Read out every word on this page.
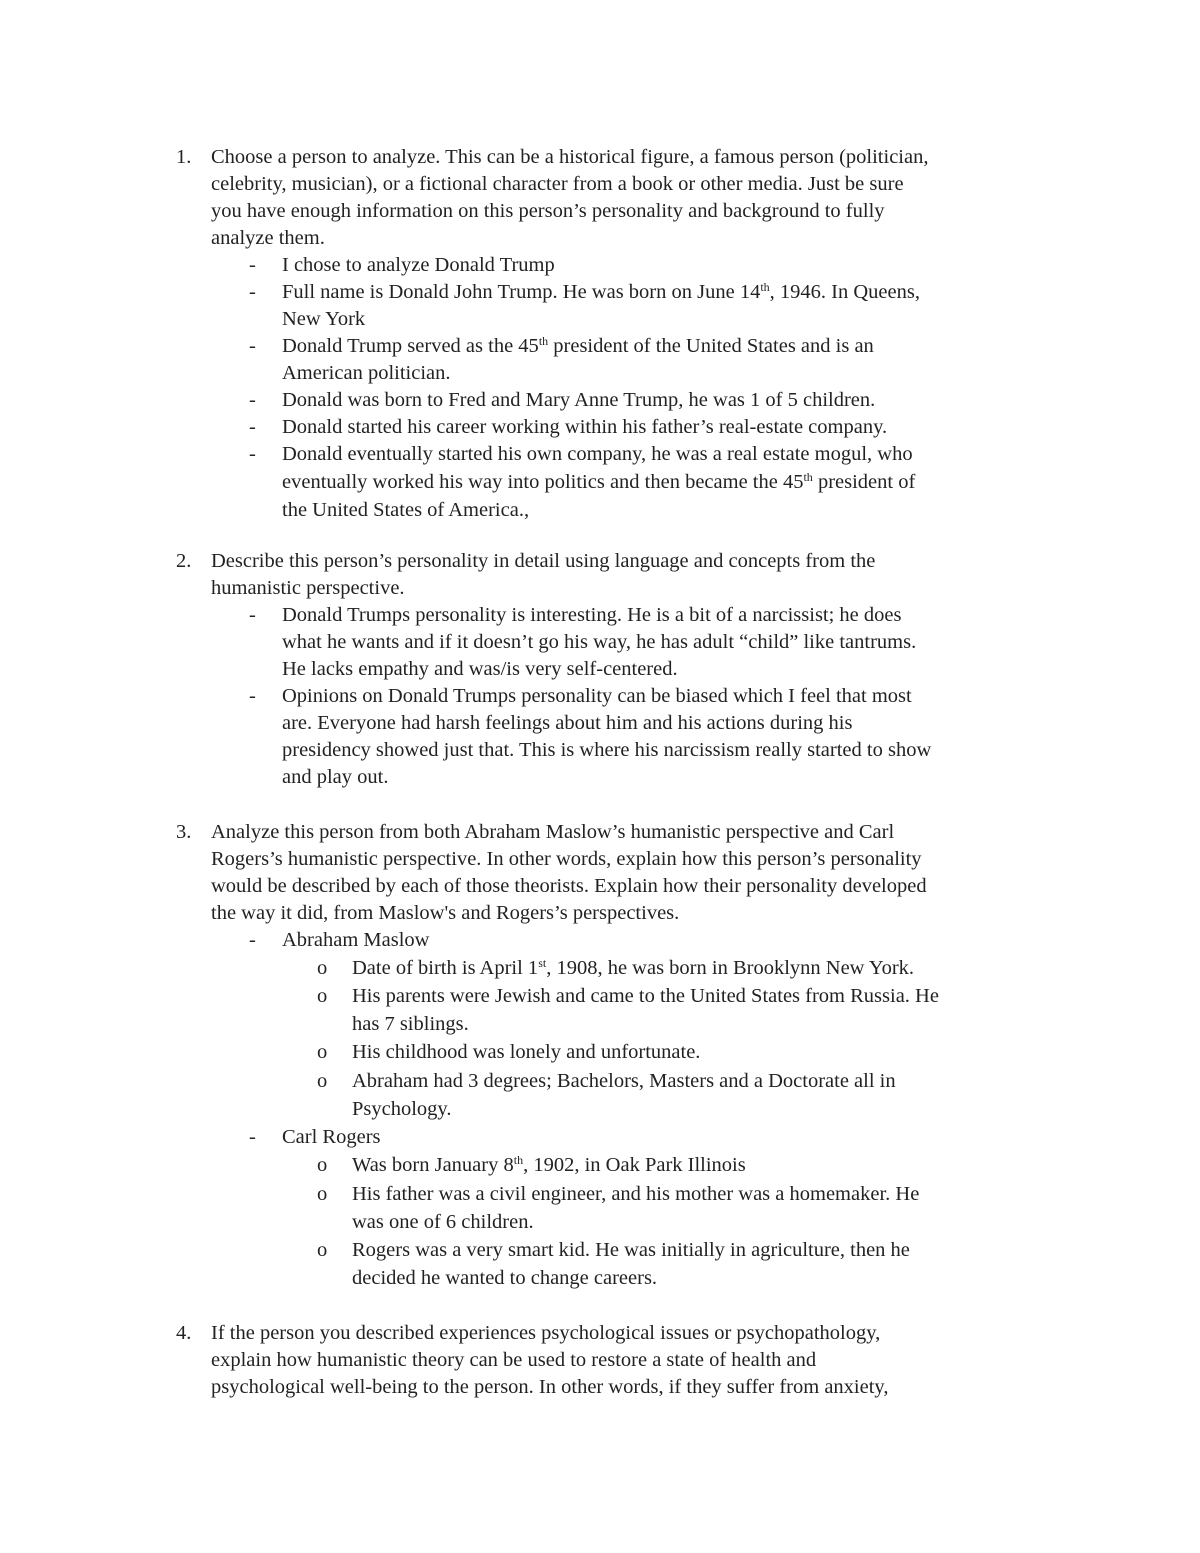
1. Choose a person to analyze. This can be a historical figure, a famous person (politician,
celebrity, musician), or a fictional character from a book or other media. Just be sure
you have enough information on this person’s personality and background to fully
analyze them.
- I chose to analyze Donald Trump
- Full name is Donald John Trump. He was born on June 14th, 1946. In Queens,
New York
- Donald Trump served as the 45th president of the United States and is an
American politician.
- Donald was born to Fred and Mary Anne Trump, he was 1 of 5 children.
- Donald started his career working within his father’s real-estate company.
- Donald eventually started his own company, he was a real estate mogul, who
eventually worked his way into politics and then became the 45th president of
the United States of America.,
2. Describe this person’s personality in detail using language and concepts from the
humanistic perspective.
- Donald Trumps personality is interesting. He is a bit of a narcissist; he does
what he wants and if it doesn’t go his way, he has adult “child” like tantrums.
He lacks empathy and was/is very self-centered.
- Opinions on Donald Trumps personality can be biased which I feel that most
are. Everyone had harsh feelings about him and his actions during his
presidency showed just that. This is where his narcissism really started to show
and play out.
3. Analyze this person from both Abraham Maslow’s humanistic perspective and Carl
Rogers’s humanistic perspective. In other words, explain how this person’s personality
would be described by each of those theorists. Explain how their personality developed
the way it did, from Maslow's and Rogers’s perspectives.
- Abraham Maslow
o Date of birth is April 1st, 1908, he was born in Brooklynn New York.
o His parents were Jewish and came to the United States from Russia. He
has 7 siblings.
o His childhood was lonely and unfortunate.
o Abraham had 3 degrees; Bachelors, Masters and a Doctorate all in
Psychology.
- Carl Rogers
o Was born January 8th, 1902, in Oak Park Illinois
o His father was a civil engineer, and his mother was a homemaker. He
was one of 6 children.
o Rogers was a very smart kid. He was initially in agriculture, then he
decided he wanted to change careers.
4. If the person you described experiences psychological issues or psychopathology,
explain how humanistic theory can be used to restore a state of health and
psychological well-being to the person. In other words, if they suffer from anxiety,
